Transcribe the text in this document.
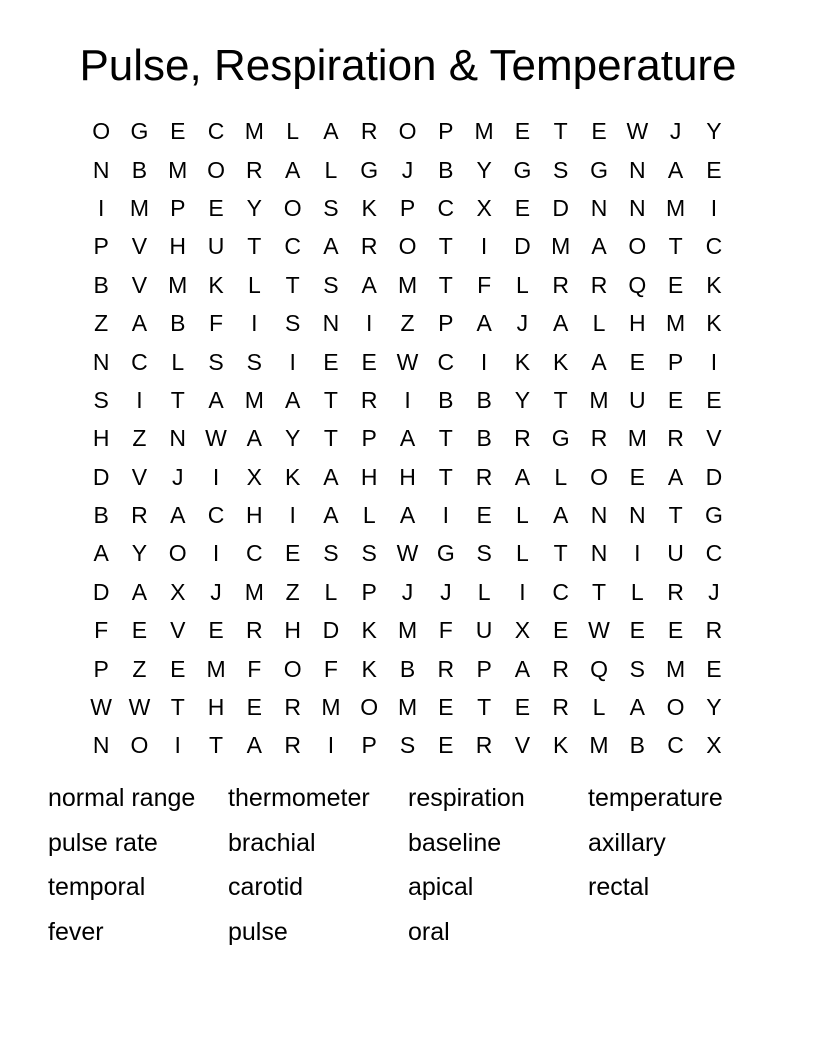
Pulse, Respiration & Temperature
O G E C M L	A R O P M E	T	E W J	Y
N B M O R A	L G	J	B Y G S G N A E
I	M P E Y O S K P C X E D N N M	I
P V H U T C A R O T	I	D M A O T C
B V M K	L	T	S A M T	F	L	R R Q E K
Z	A B	F	I	S N	I	Z	P A	J	A	L	H M K
N C	L	S S	I	E E W C	I	K K A E P	I
S	I	T	A M A	T R	I	B B Y	T M U E E
H Z N W A Y	T	P A	T	B R G R M R V
D V	J	I	X K A H H T R A	L O E A D
B R A C H	I	A	L	A	I	E	L	A N N T G
A Y O	I	C E S S W G S	L	T N	I	U C
D A X	J M Z	L	P	J	J	L	I	C T	L	R	J
F	E V E R H D K M F U X E W E E R
P	Z	E M F O F	K B R P A R Q S M E
W W T H E R M O M E	T	E R	L	A O Y
N O	I	T	A R	I	P S E R V K M B C X
normal range	thermometer	respiration	temperature
pulse rate	brachial	baseline	axillary
temporal	carotid	apical	rectal
fever	pulse	oral
